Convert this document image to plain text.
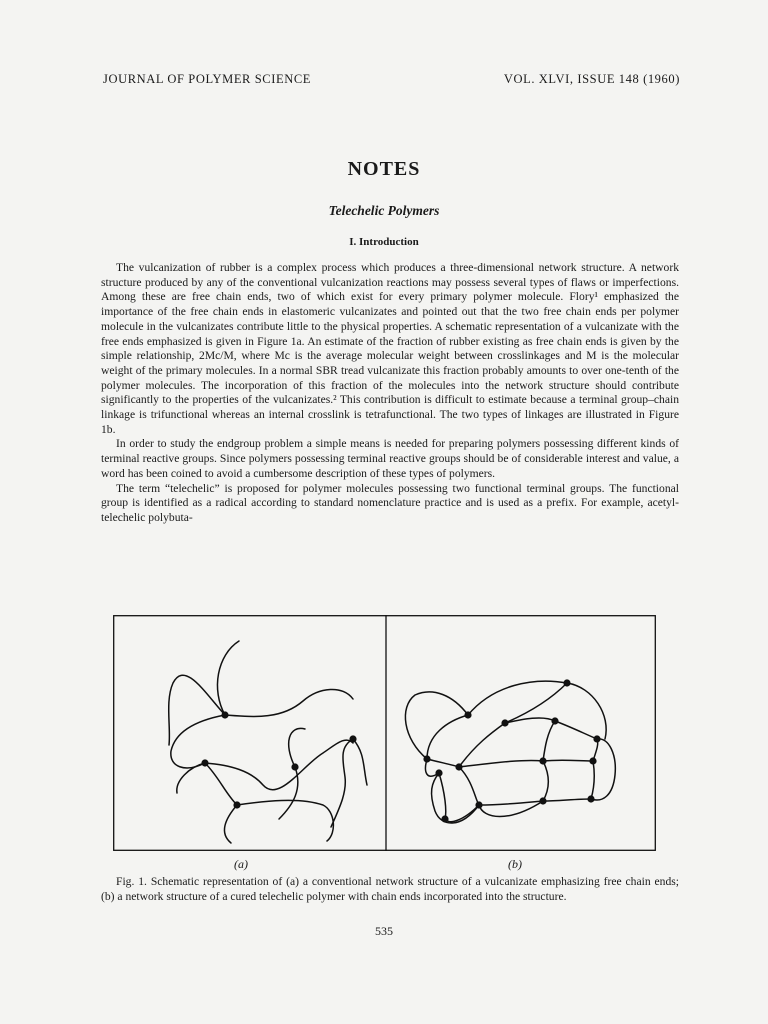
JOURNAL OF POLYMER SCIENCE	VOL. XLVI, ISSUE 148 (1960)
NOTES
Telechelic Polymers
I. Introduction

The vulcanization of rubber is a complex process which produces a three-dimensional network structure. A network structure produced by any of the conventional vulcanization reactions may possess several types of flaws or imperfections. Among these are free chain ends, two of which exist for every primary polymer molecule. Flory¹ emphasized the importance of the free chain ends in elastomeric vulcanizates and pointed out that the two free chain ends per polymer molecule in the vulcanizates contribute little to the physical properties. A schematic representation of a vulcanizate with the free ends emphasized is given in Figure 1a. An estimate of the fraction of rubber existing as free chain ends is given by the simple relationship, 2Mc/M, where Mc is the average molecular weight between crosslinkages and M is the molecular weight of the primary molecules. In a normal SBR tread vulcanizate this fraction probably amounts to over one-tenth of the polymer molecules. The incorporation of this fraction of the molecules into the network structure should contribute significantly to the properties of the vulcanizates.² This contribution is difficult to estimate because a terminal group–chain linkage is trifunctional whereas an internal crosslink is tetrafunctional. The two types of linkages are illustrated in Figure 1b.

In order to study the endgroup problem a simple means is needed for preparing polymers possessing different kinds of terminal reactive groups. Since polymers possessing terminal reactive groups should be of considerable interest and value, a word has been coined to avoid a cumbersome description of these types of polymers.

The term “telechelic” is proposed for polymer molecules possessing two functional terminal groups. The functional group is identified as a radical according to standard nomenclature practice and is used as a prefix. For example, acetyl-telechelic polybuta-

(a)	(b)
Fig. 1. Schematic representation of (a) a conventional network structure of a vulcanizate emphasizing free chain ends; (b) a network structure of a cured telechelic polymer with chain ends incorporated into the structure.
535
